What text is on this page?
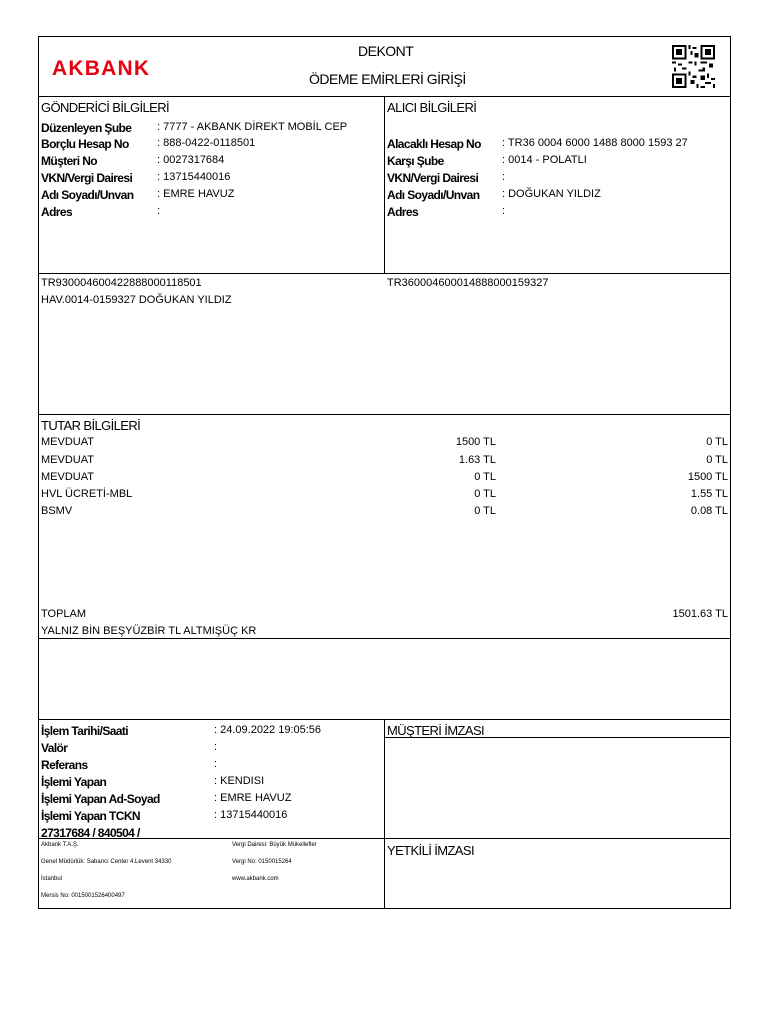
AKBANK
DEKONT
ÖDEME EMİRLERİ GİRİŞİ
GÖNDERİCİ BİLGİLERİ
Düzenleyen Şube : 7777 - AKBANK DİREKT MOBİL CEP
Borçlu Hesap No	: 888-0422-0118501
Müşteri No	: 0027317684
VKN/Vergi Dairesi : 13715440016
Adı Soyadı/Unvan : EMRE HAVUZ
Adres	:
ALICI BİLGİLERİ
Alacaklı Hesap No : TR36 0004 6000 1488 8000 1593 27
Karşı Şube	: 0014 - POLATLI
VKN/Vergi Dairesi :
Adı Soyadı/Unvan : DOĞUKAN YILDIZ
Adres	:
TR930004600422888000118501	TR360004600014888000159327
HAV.0014-0159327 DOĞUKAN YILDIZ
TUTAR BİLGİLERİ
MEVDUAT	1500 TL	0 TL
MEVDUAT	1.63 TL	0 TL
MEVDUAT	0 TL	1500 TL
HVL ÜCRETİ-MBL	0 TL	1.55 TL
BSMV	0 TL	0.08 TL
TOPLAM	1501.63 TL
YALNIZ BİN BEŞYÜZBİR TL ALTMIŞÜÇ KR
İşlem Tarihi/Saati	: 24.09.2022 19:05:56
Valör	:
Referans	:
İşlemi Yapan	: KENDISI
İşlemi Yapan Ad-Soyad	: EMRE HAVUZ
İşlemi Yapan TCKN	: 13715440016
27317684 / 840504 /
MÜŞTERİ İMZASI
YETKİLİ İMZASI
Akbank T.A.Ş.
Genel Müdürlük: Sabancı Center 4.Levent 34330
İstanbul
Mersis No: 0015001526400497
Vergi Dairesi: Büyük Mükellefler
Vergi No: 0150015264
www.akbank.com
